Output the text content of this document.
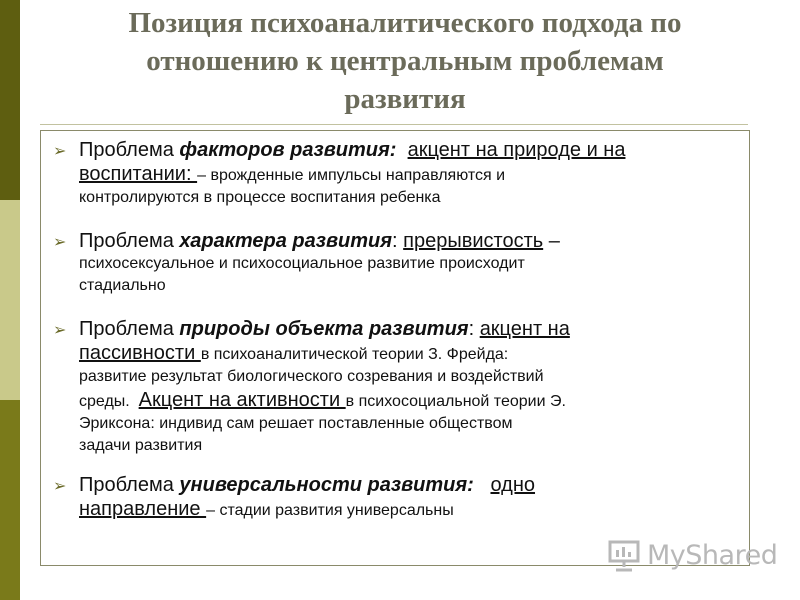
Позиция психоаналитического подхода по
отношению к центральным проблемам
развития
➢ Проблема факторов развития: акцент на природе и на
воспитании: – врожденные импульсы направляются и
контролируются в процессе воспитания ребенка
➢ Проблема характера развития: прерывистость –
психосексуальное и психосоциальное развитие происходит
стадиально
➢ Проблема природы объекта развития: акцент на
пассивности в психоаналитической теории З. Фрейда:
развитие результат биологического созревания и воздействий
среды.  Акцент на активности в психосоциальной теории Э.
Эриксона: индивид сам решает поставленные обществом
задачи развития
➢ Проблема универсальности развития: одно
направление – стадии развития универсальны
MyShared
